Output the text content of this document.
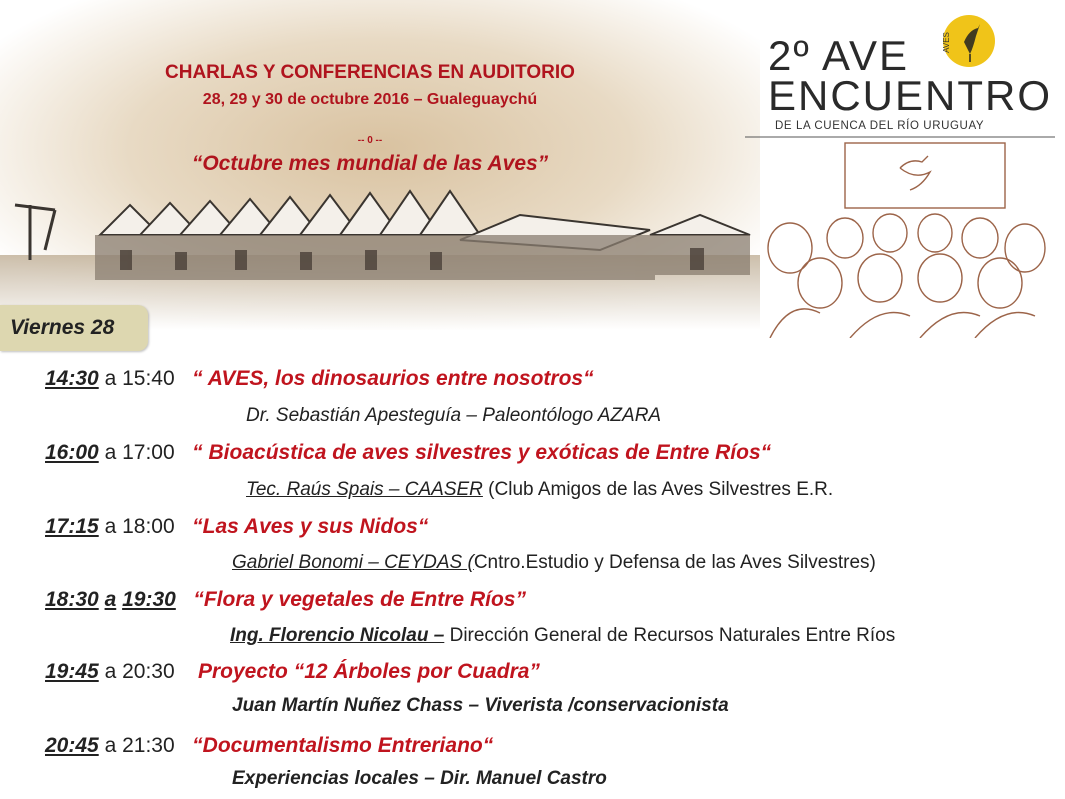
CHARLAS Y CONFERENCIAS EN AUDITORIO
28, 29 y 30 de octubre 2016 – Gualeguaychú
-- 0 --
“Octubre mes mundial de las Aves”
2º AVE
ENCUENTRO
AVES
DE LA CUENCA DEL RÍO URUGUAY
Viernes 28
14:30 a 15:40 “ AVES, los dinosaurios entre nosotros“
Dr. Sebastián Apesteguía – Paleontólogo AZARA
16:00 a 17:00 “ Bioacústica de aves silvestres y exóticas de Entre Ríos“
Tec. Raús Spais – CAASER (Club Amigos de las Aves Silvestres E.R.
17:15 a 18:00 “Las Aves y sus Nidos“
Gabriel Bonomi – CEYDAS (Cntro.Estudio y Defensa de las Aves Silvestres)
18:30 a 19:30 “Flora y vegetales de Entre Ríos”
Ing. Florencio Nicolau – Dirección General de Recursos Naturales Entre Ríos
19:45 a 20:30 Proyecto “12 Árboles por Cuadra”
Juan Martín Nuñez Chass – Viverista /conservacionista
20:45 a 21:30 “Documentalismo Entreriano“
Experiencias locales – Dir. Manuel Castro
